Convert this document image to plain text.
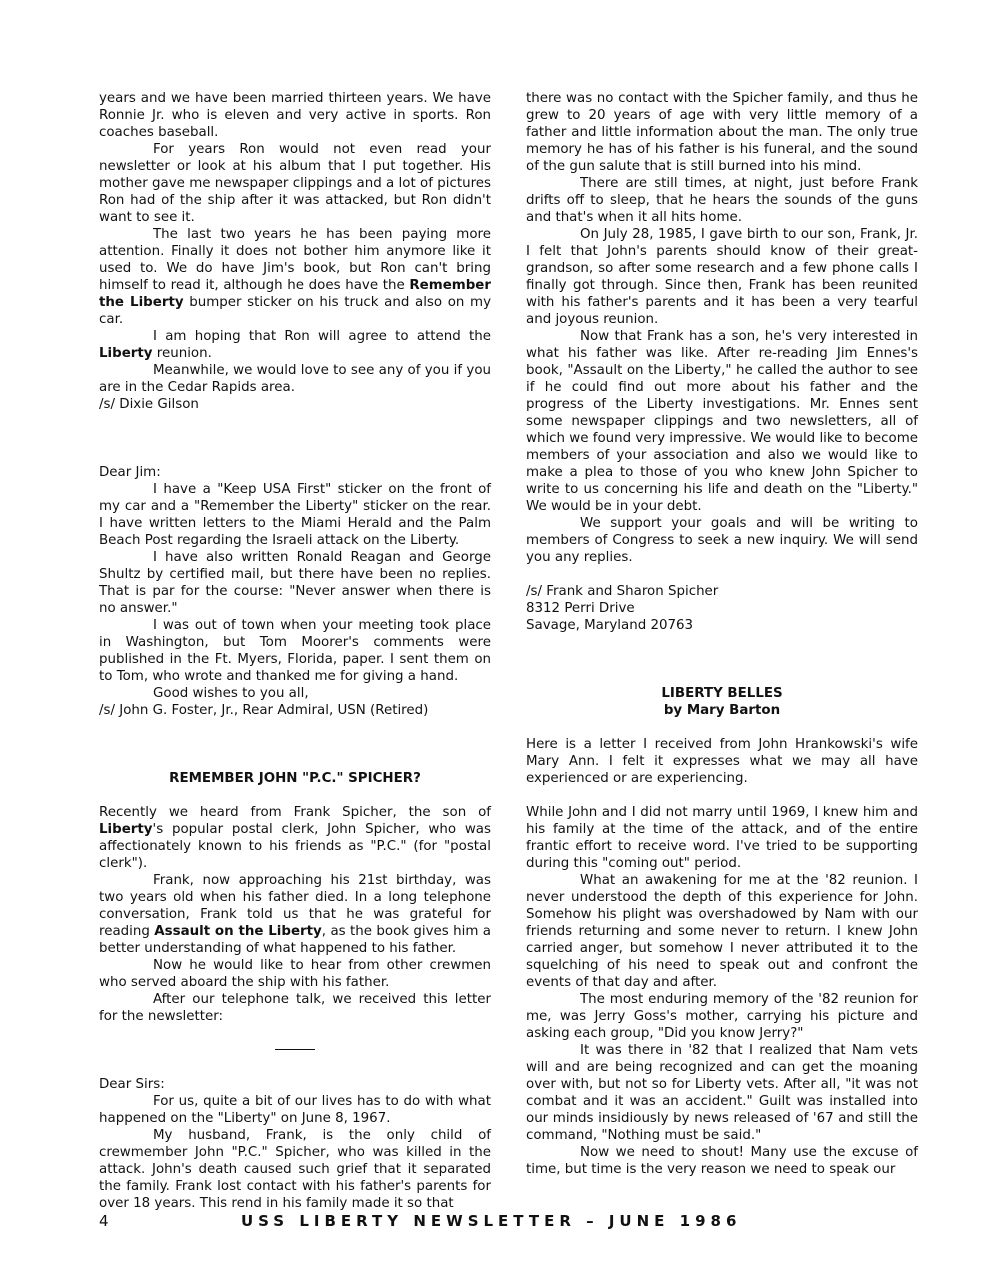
years and we have been married thirteen years. We have Ronnie Jr. who is eleven and very active in sports. Ron coaches baseball.

For years Ron would not even read your newsletter or look at his album that I put together. His mother gave me newspaper clippings and a lot of pictures Ron had of the ship after it was attacked, but Ron didn't want to see it.

The last two years he has been paying more attention. Finally it does not bother him anymore like it used to. We do have Jim's book, but Ron can't bring himself to read it, although he does have the Remember the Liberty bumper sticker on his truck and also on my car.

I am hoping that Ron will agree to attend the Liberty reunion.

Meanwhile, we would love to see any of you if you are in the Cedar Rapids area.

/s/ Dixie Gilson

Dear Jim:

I have a "Keep USA First" sticker on the front of my car and a "Remember the Liberty" sticker on the rear. I have written letters to the Miami Herald and the Palm Beach Post regarding the Israeli attack on the Liberty.

I have also written Ronald Reagan and George Shultz by certified mail, but there have been no replies. That is par for the course: "Never answer when there is no answer."

I was out of town when your meeting took place in Washington, but Tom Moorer's comments were published in the Ft. Myers, Florida, paper. I sent them on to Tom, who wrote and thanked me for giving a hand.

Good wishes to you all,

/s/ John G. Foster, Jr., Rear Admiral, USN (Retired)

REMEMBER JOHN "P.C." SPICHER?

Recently we heard from Frank Spicher, the son of Liberty's popular postal clerk, John Spicher, who was affectionately known to his friends as "P.C." (for "postal clerk").

Frank, now approaching his 21st birthday, was two years old when his father died. In a long telephone conversation, Frank told us that he was grateful for reading Assault on the Liberty, as the book gives him a better understanding of what happened to his father.

Now he would like to hear from other crewmen who served aboard the ship with his father.

After our telephone talk, we received this letter for the newsletter:

Dear Sirs:

For us, quite a bit of our lives has to do with what happened on the "Liberty" on June 8, 1967.

My husband, Frank, is the only child of crewmember John "P.C." Spicher, who was killed in the attack. John's death caused such grief that it separated the family. Frank lost contact with his father's parents for over 18 years. This rend in his family made it so that

there was no contact with the Spicher family, and thus he grew to 20 years of age with very little memory of a father and little information about the man. The only true memory he has of his father is his funeral, and the sound of the gun salute that is still burned into his mind.

There are still times, at night, just before Frank drifts off to sleep, that he hears the sounds of the guns and that's when it all hits home.

On July 28, 1985, I gave birth to our son, Frank, Jr. I felt that John's parents should know of their great-grandson, so after some research and a few phone calls I finally got through. Since then, Frank has been reunited with his father's parents and it has been a very tearful and joyous reunion.

Now that Frank has a son, he's very interested in what his father was like. After re-reading Jim Ennes's book, "Assault on the Liberty," he called the author to see if he could find out more about his father and the progress of the Liberty investigations. Mr. Ennes sent some newspaper clippings and two newsletters, all of which we found very impressive. We would like to become members of your association and also we would like to make a plea to those of you who knew John Spicher to write to us concerning his life and death on the "Liberty." We would be in your debt.

We support your goals and will be writing to members of Congress to seek a new inquiry. We will send you any replies.

/s/ Frank and Sharon Spicher

8312 Perri Drive

Savage, Maryland 20763

LIBERTY BELLES

by Mary Barton

Here is a letter I received from John Hrankowski's wife Mary Ann. I felt it expresses what we may all have experienced or are experiencing.

While John and I did not marry until 1969, I knew him and his family at the time of the attack, and of the entire frantic effort to receive word. I've tried to be supporting during this "coming out" period.

What an awakening for me at the '82 reunion. I never understood the depth of this experience for John. Somehow his plight was overshadowed by Nam with our friends returning and some never to return. I knew John carried anger, but somehow I never attributed it to the squelching of his need to speak out and confront the events of that day and after.

The most enduring memory of the '82 reunion for me, was Jerry Goss's mother, carrying his picture and asking each group, "Did you know Jerry?"

It was there in '82 that I realized that Nam vets will and are being recognized and can get the moaning over with, but not so for Liberty vets. After all, "it was not combat and it was an accident." Guilt was installed into our minds insidiously by news released of '67 and still the command, "Nothing must be said."

Now we need to shout! Many use the excuse of time, but time is the very reason we need to speak our

4	USS LIBERTY NEWSLETTER – JUNE 1986
